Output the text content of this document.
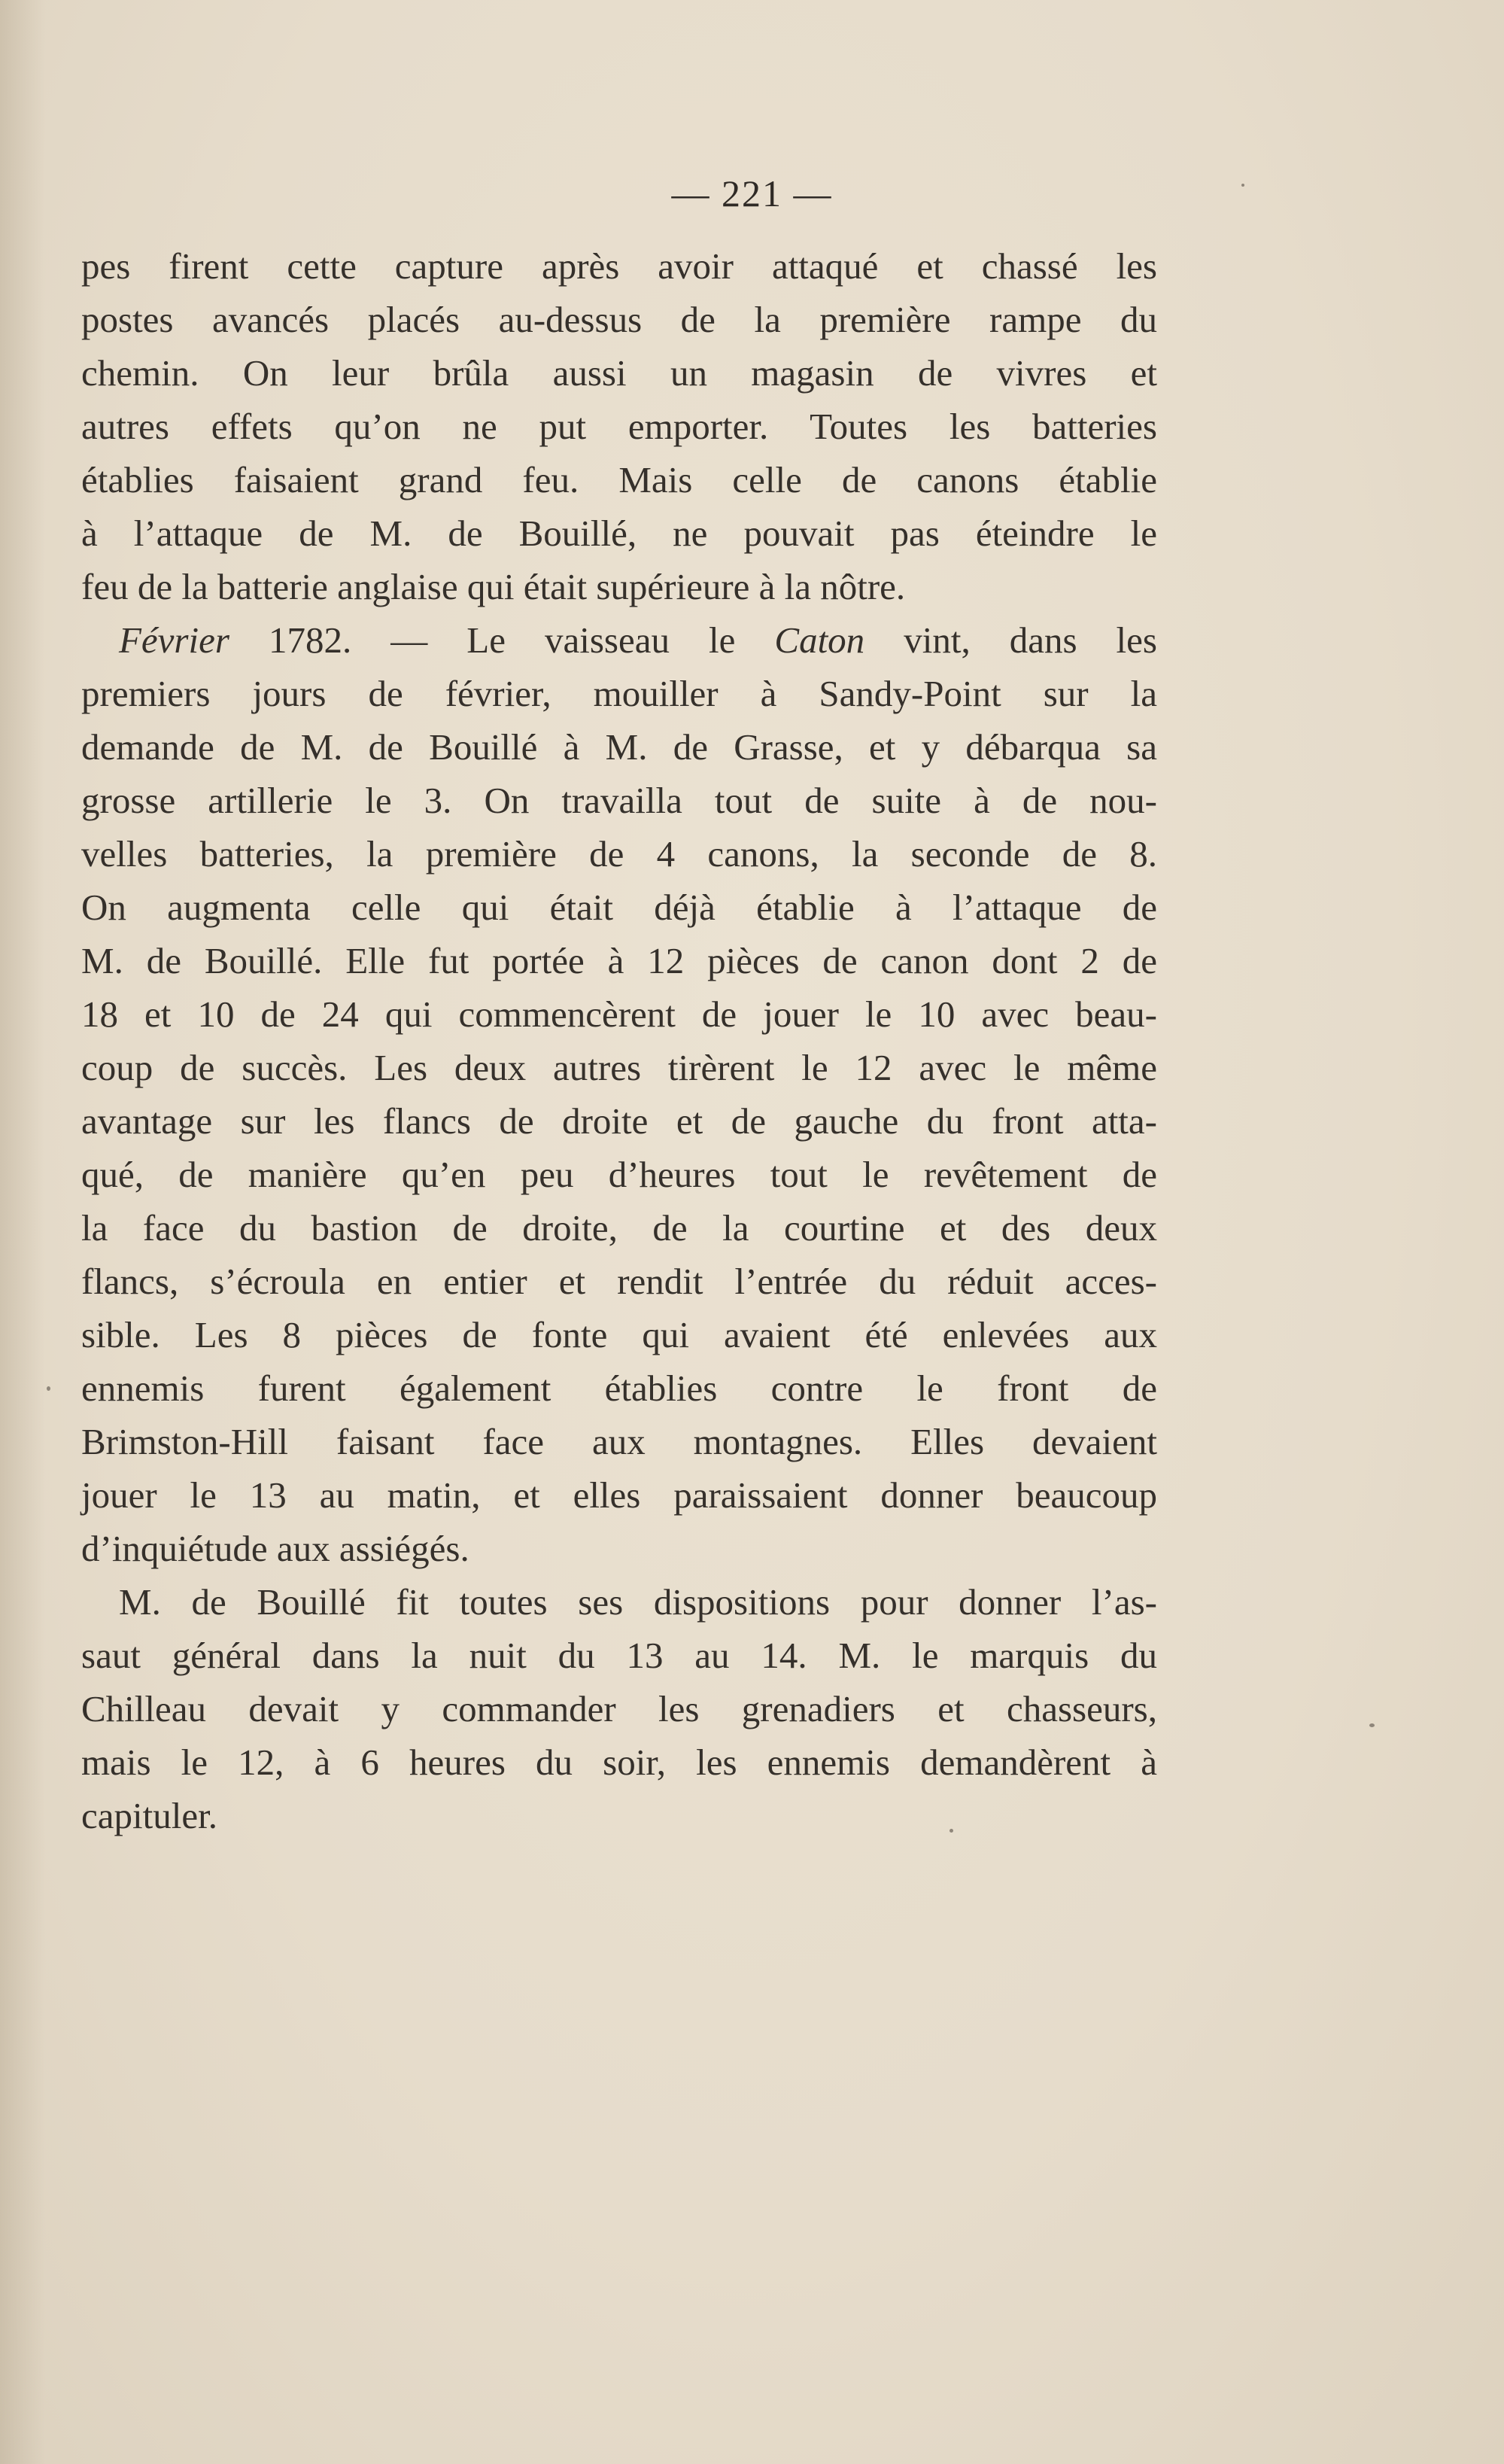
— 221 —
pes firent cette capture après avoir attaqué et chassé les
postes avancés placés au-dessus de la première rampe du
chemin. On leur brûla aussi un magasin de vivres et
autres effets qu’on ne put emporter. Toutes les batteries
établies faisaient grand feu. Mais celle de canons établie
à l’attaque de M. de Bouillé, ne pouvait pas éteindre le
feu de la batterie anglaise qui était supérieure à la nôtre.
Février 1782. — Le vaisseau le Caton vint, dans les
premiers jours de février, mouiller à Sandy-Point sur la
demande de M. de Bouillé à M. de Grasse, et y débarqua sa
grosse artillerie le 3. On travailla tout de suite à de nou-
velles batteries, la première de 4 canons, la seconde de 8.
On augmenta celle qui était déjà établie à l’attaque de
M. de Bouillé. Elle fut portée à 12 pièces de canon dont 2 de
18 et 10 de 24 qui commencèrent de jouer le 10 avec beau-
coup de succès. Les deux autres tirèrent le 12 avec le même
avantage sur les flancs de droite et de gauche du front atta-
qué, de manière qu’en peu d’heures tout le revêtement de
la face du bastion de droite, de la courtine et des deux
flancs, s’écroula en entier et rendit l’entrée du réduit acces-
sible. Les 8 pièces de fonte qui avaient été enlevées aux
ennemis furent également établies contre le front de
Brimston-Hill faisant face aux montagnes. Elles devaient
jouer le 13 au matin, et elles paraissaient donner beaucoup
d’inquiétude aux assiégés.
M. de Bouillé fit toutes ses dispositions pour donner l’as-
saut général dans la nuit du 13 au 14. M. le marquis du
Chilleau devait y commander les grenadiers et chasseurs,
mais le 12, à 6 heures du soir, les ennemis demandèrent à
capituler.
